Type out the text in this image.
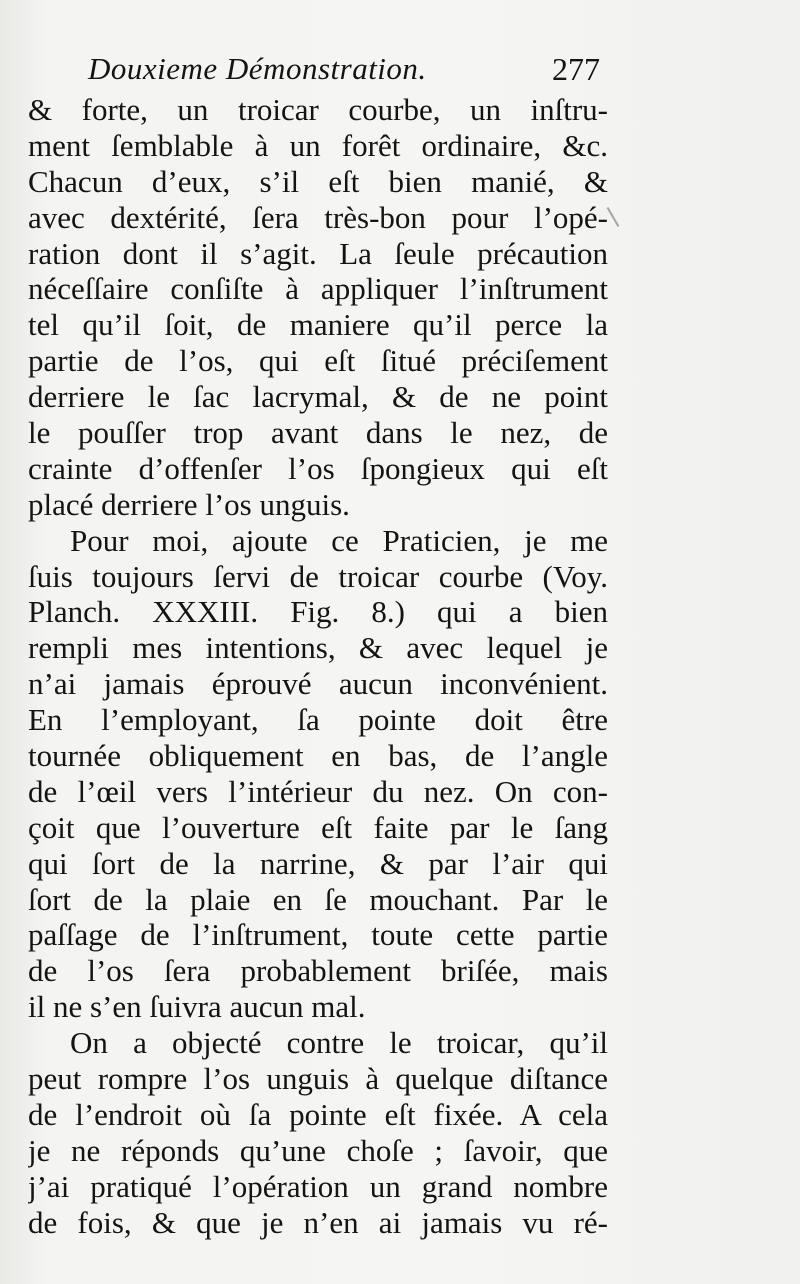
Douxieme Démonstration.	277
& forte, un troicar courbe, un inſtru-
ment ſemblable à un forêt ordinaire, &c.
Chacun d’eux, s’il eſt bien manié, &
avec dextérité, ſera très-bon pour l’opé-
ration dont il s’agit. La ſeule précaution
néceſſaire conſiſte à appliquer l’inſtrument
tel qu’il ſoit, de maniere qu’il perce la
partie de l’os, qui eſt ſitué préciſement
derriere le ſac lacrymal, & de ne point
le pouſſer trop avant dans le nez, de
crainte d’offenſer l’os ſpongieux qui eſt
placé derriere l’os unguis.
Pour moi, ajoute ce Praticien, je me
ſuis toujours ſervi de troicar courbe (Voy.
Planch. XXXIII. Fig. 8.) qui a bien
rempli mes intentions, & avec lequel je
n’ai jamais éprouvé aucun inconvénient.
En l’employant, ſa pointe doit être
tournée obliquement en bas, de l’angle
de l’œil vers l’intérieur du nez. On con-
çoit que l’ouverture eſt faite par le ſang
qui ſort de la narrine, & par l’air qui
ſort de la plaie en ſe mouchant. Par le
paſſage de l’inſtrument, toute cette partie
de l’os ſera probablement briſée, mais
il ne s’en ſuivra aucun mal.
On a objecté contre le troicar, qu’il
peut rompre l’os unguis à quelque diſtance
de l’endroit où ſa pointe eſt fixée. A cela
je ne réponds qu’une choſe ; ſavoir, que
j’ai pratiqué l’opération un grand nombre
de fois, & que je n’en ai jamais vu ré-
